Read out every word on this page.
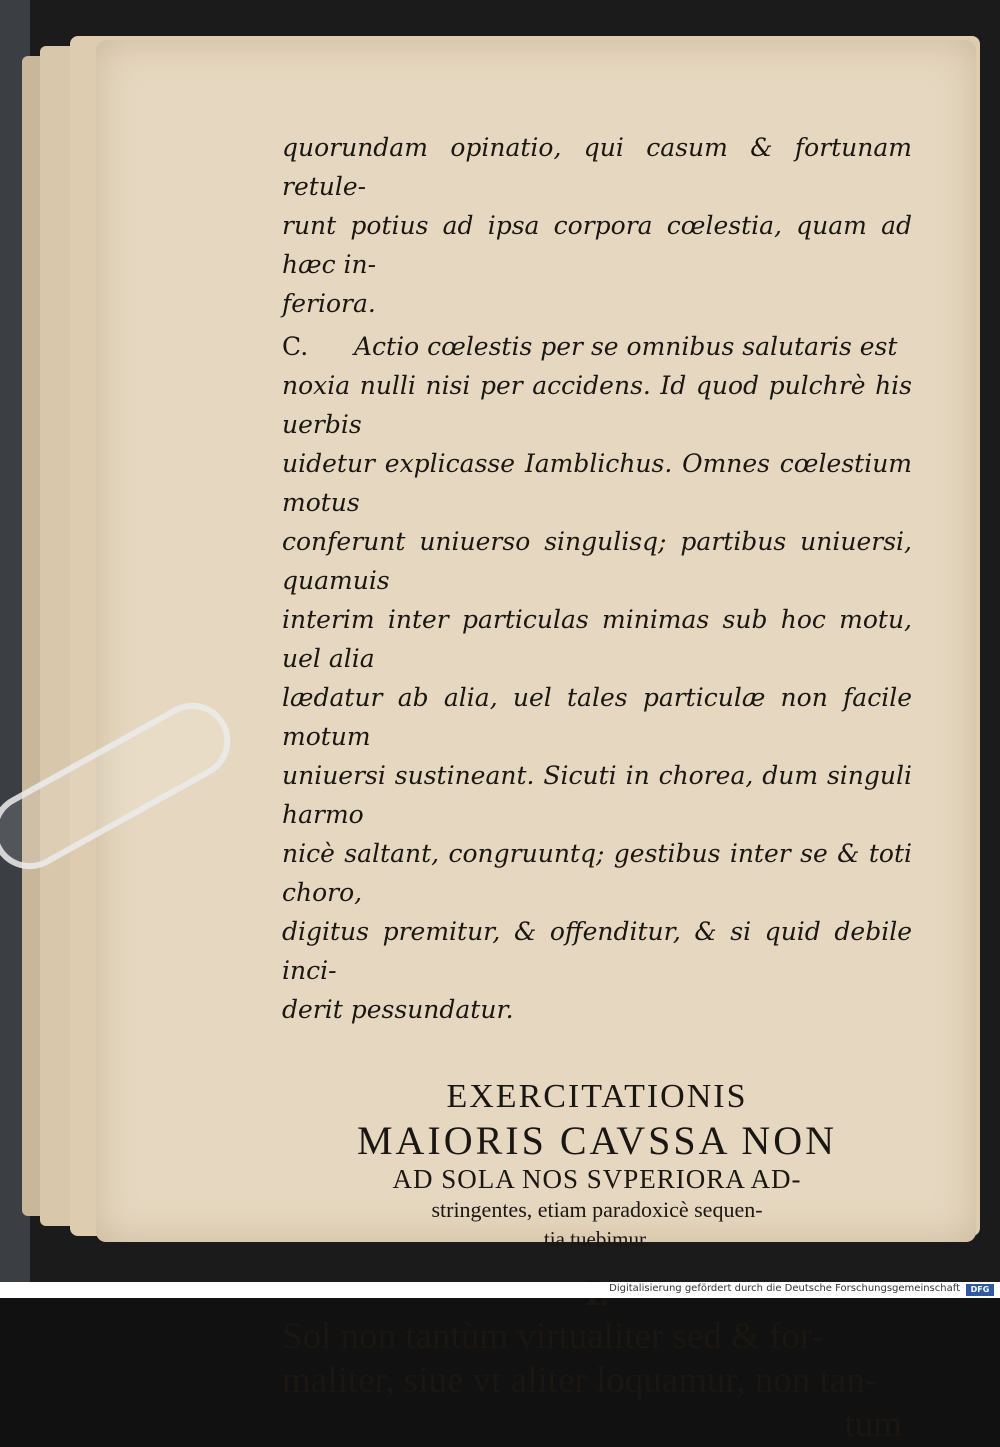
quorundam opinatio, qui casum & fortunam retule-

runt potius ad ipsa corpora cœlestia, quam ad hæc in-

feriora.

C. Actio cœlestis per se omnibus salutaris est

noxia nulli nisi per accidens. Id quod pulchrè his uerbis

uidetur explicasse Iamblichus. Omnes cœlestium motus

conferunt uniuerso singulisq; partibus uniuersi, quamuis

interim inter particulas minimas sub hoc motu, uel alia

lædatur ab alia, uel tales particulæ non facile motum

uniuersi sustineant. Sicuti in chorea, dum singuli harmo

nicè saltant, congruuntq; gestibus inter se & toti choro,

digitus premitur, & offenditur, & si quid debile inci-

derit pessundatur.

EXERCITATIONIS
MAIORIS CAVSSA NON
AD SOLA NOS SVPERIORA AD-
stringentes, etiam paradoxicè sequen-
tia tuebimur.
Sol non tantùm virtualiter sed & for-
maliter, siue vt aliter loquamur, non tan-
tum
Digitalisierung gefördert durch die Deutsche Forschungsgemeinschaft	DFG
